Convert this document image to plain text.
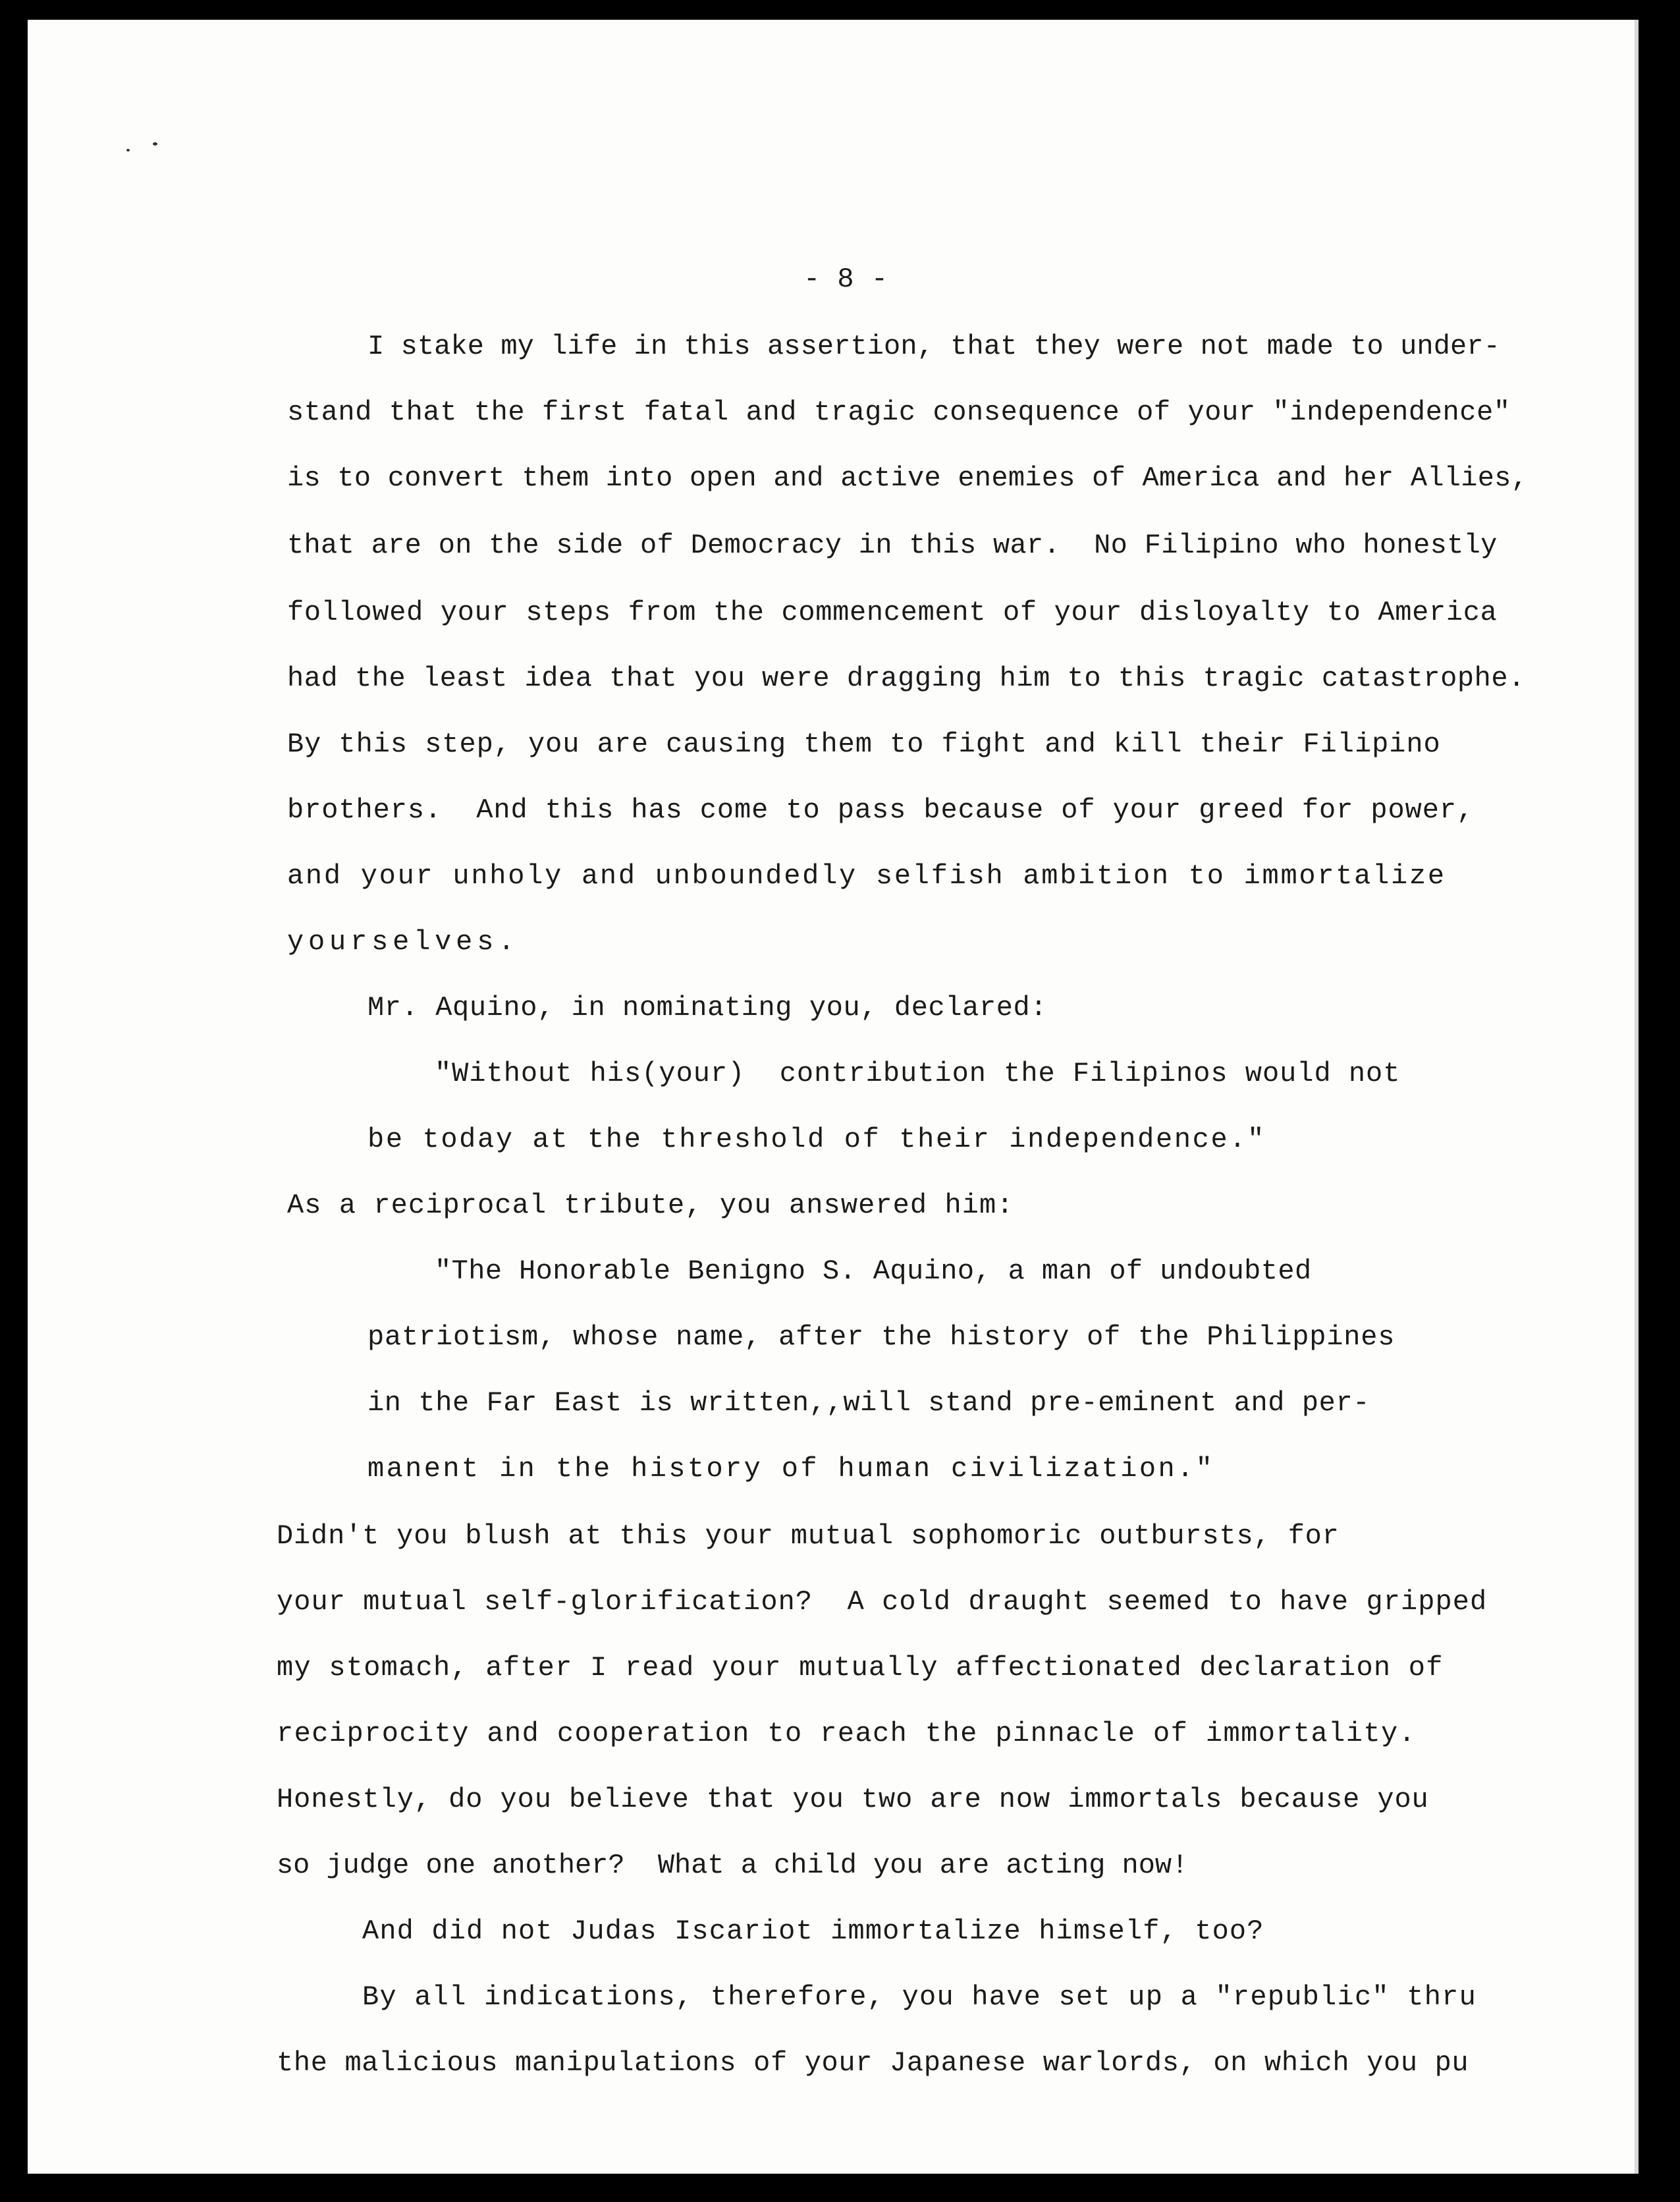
- 8 -

I stake my life in this assertion, that they were not made to under-

stand that the first fatal and tragic consequence of your "independence"

is to convert them into open and active enemies of America and her Allies,

that are on the side of Democracy in this war.  No Filipino who honestly

followed your steps from the commencement of your disloyalty to America

had the least idea that you were dragging him to this tragic catastrophe.

By this step, you are causing them to fight and kill their Filipino

brothers.  And this has come to pass because of your greed for power,

and your unholy and unboundedly selfish ambition to immortalize

yourselves.

Mr. Aquino, in nominating you, declared:

"Without his(your)  contribution the Filipinos would not

be today at the threshold of their independence."

As a reciprocal tribute, you answered him:

"The Honorable Benigno S. Aquino, a man of undoubted

patriotism, whose name, after the history of the Philippines

in the Far East is written,,will stand pre-eminent and per-

manent in the history of human civilization."

Didn't you blush at this your mutual sophomoric outbursts, for

your mutual self-glorification?  A cold draught seemed to have gripped

my stomach, after I read your mutually affectionated declaration of

reciprocity and cooperation to reach the pinnacle of immortality.

Honestly, do you believe that you two are now immortals because you

so judge one another?  What a child you are acting now!

And did not Judas Iscariot immortalize himself, too?

By all indications, therefore, you have set up a "republic" thru

the malicious manipulations of your Japanese warlords, on which you pu
